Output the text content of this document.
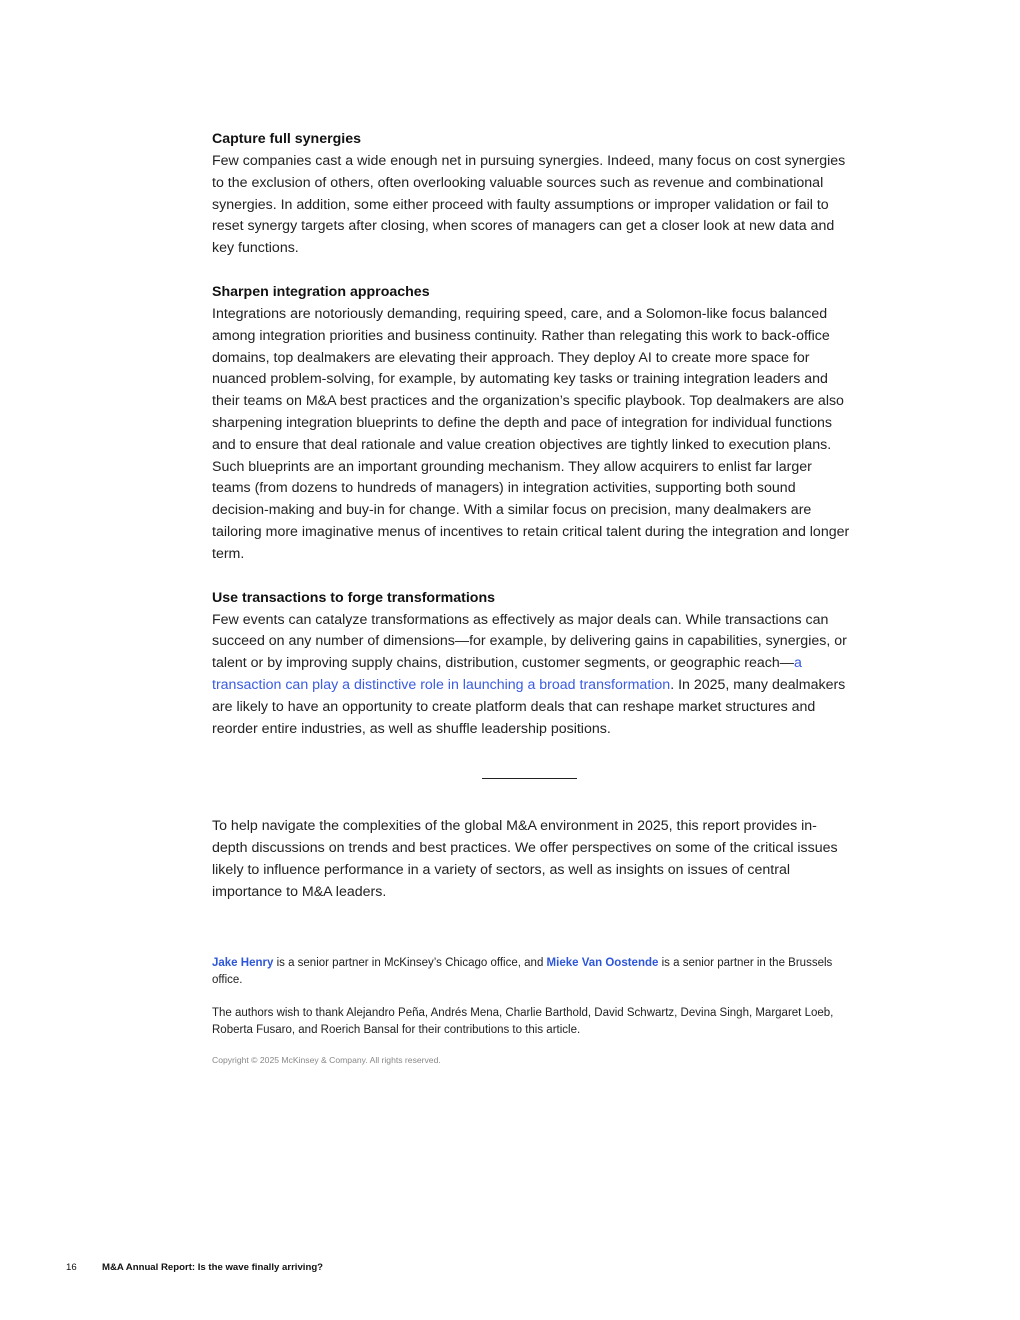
Capture full synergies

Few companies cast a wide enough net in pursuing synergies. Indeed, many focus on cost synergies to the exclusion of others, often overlooking valuable sources such as revenue and combinational synergies. In addition, some either proceed with faulty assumptions or improper validation or fail to reset synergy targets after closing, when scores of managers can get a closer look at new data and key functions.

Sharpen integration approaches

Integrations are notoriously demanding, requiring speed, care, and a Solomon-like focus balanced among integration priorities and business continuity. Rather than relegating this work to back-office domains, top dealmakers are elevating their approach. They deploy AI to create more space for nuanced problem-solving, for example, by automating key tasks or training integration leaders and their teams on M&A best practices and the organization’s specific playbook. Top dealmakers are also sharpening integration blueprints to define the depth and pace of integration for individual functions and to ensure that deal rationale and value creation objectives are tightly linked to execution plans. Such blueprints are an important grounding mechanism. They allow acquirers to enlist far larger teams (from dozens to hundreds of managers) in integration activities, supporting both sound decision-making and buy-in for change. With a similar focus on precision, many dealmakers are tailoring more imaginative menus of incentives to retain critical talent during the integration and longer term.

Use transactions to forge transformations

Few events can catalyze transformations as effectively as major deals can. While transactions can succeed on any number of dimensions—for example, by delivering gains in capabilities, synergies, or talent or by improving supply chains, distribution, customer segments, or geographic reach—a transaction can play a distinctive role in launching a broad transformation. In 2025, many dealmakers are likely to have an opportunity to create platform deals that can reshape market structures and reorder entire industries, as well as shuffle leadership positions.

To help navigate the complexities of the global M&A environment in 2025, this report provides in-depth discussions on trends and best practices. We offer perspectives on some of the critical issues likely to influence performance in a variety of sectors, as well as insights on issues of central importance to M&A leaders.

Jake Henry is a senior partner in McKinsey’s Chicago office, and Mieke Van Oostende is a senior partner in the Brussels office.

The authors wish to thank Alejandro Peña, Andrés Mena, Charlie Barthold, David Schwartz, Devina Singh, Margaret Loeb, Roberta Fusaro, and Roerich Bansal for their contributions to this article.

Copyright © 2025 McKinsey & Company. All rights reserved.
16	M&A Annual Report: Is the wave finally arriving?
